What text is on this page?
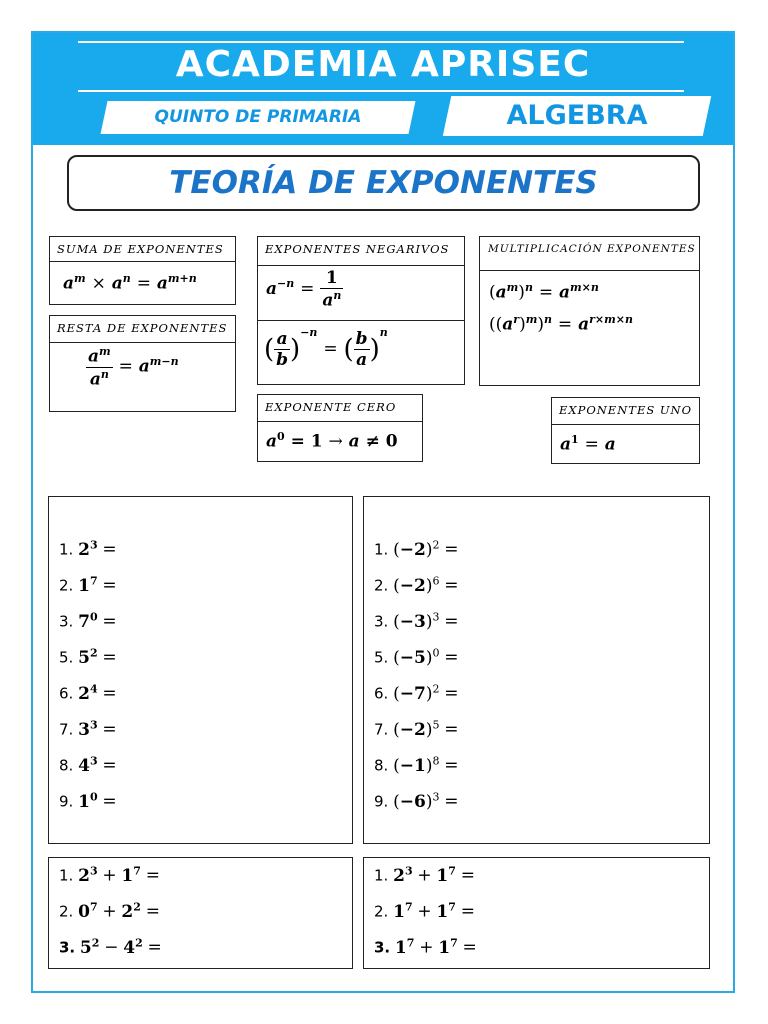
ACADEMIA APRISEC
QUINTO DE PRIMARIA	ALGEBRA
TEORÍA DE EXPONENTES
SUMA DE EXPONENTES
$a^m \times a^n = a^{m+n}$
RESTA DE EXPONENTES
$\frac{a^m}{a^n} = a^{m-n}$
EXPONENTES NEGARIVOS
$a^{-n} = \frac{1}{a^n}$
( $\frac{a}{b} )^{-n}$ = ( $\frac{b}{a} )^n$
EXPONENTE CERO
$a^0 = 1 \to a \ne 0$
MULTIPLICACIÓN EXPONENTES
$(a^m)^n = a^{m\times n}$
$((a^r)^m)^n = a^{r\times m\times n}$
EXPONENTES UNO
$a^1 = a$
1. $2^3$ =
2. $1^7$ =
3. $7^0$ =
5. $5^2$ =
6. $2^4$ =
7. $3^3$ =
8. $4^3$ =
9. $1^0$ =
1. $(-2)^2$ =
2. $(-2)^6$ =
3. $(-3)^3$ =
5. $(-5)^0$ =
6. $(-7)^2$ =
7. $(-2)^5$ =
8. $(-1)^8$ =
9. $(-6)^3$ =
1. $2^3 + 1^7$ =
2. $0^7 + 2^2$ =
3. $5^2 - 4^2$ =
1. $2^3 + 1^7$ =
2. $1^7 + 1^7$ =
3. $1^7 + 1^7$ =
